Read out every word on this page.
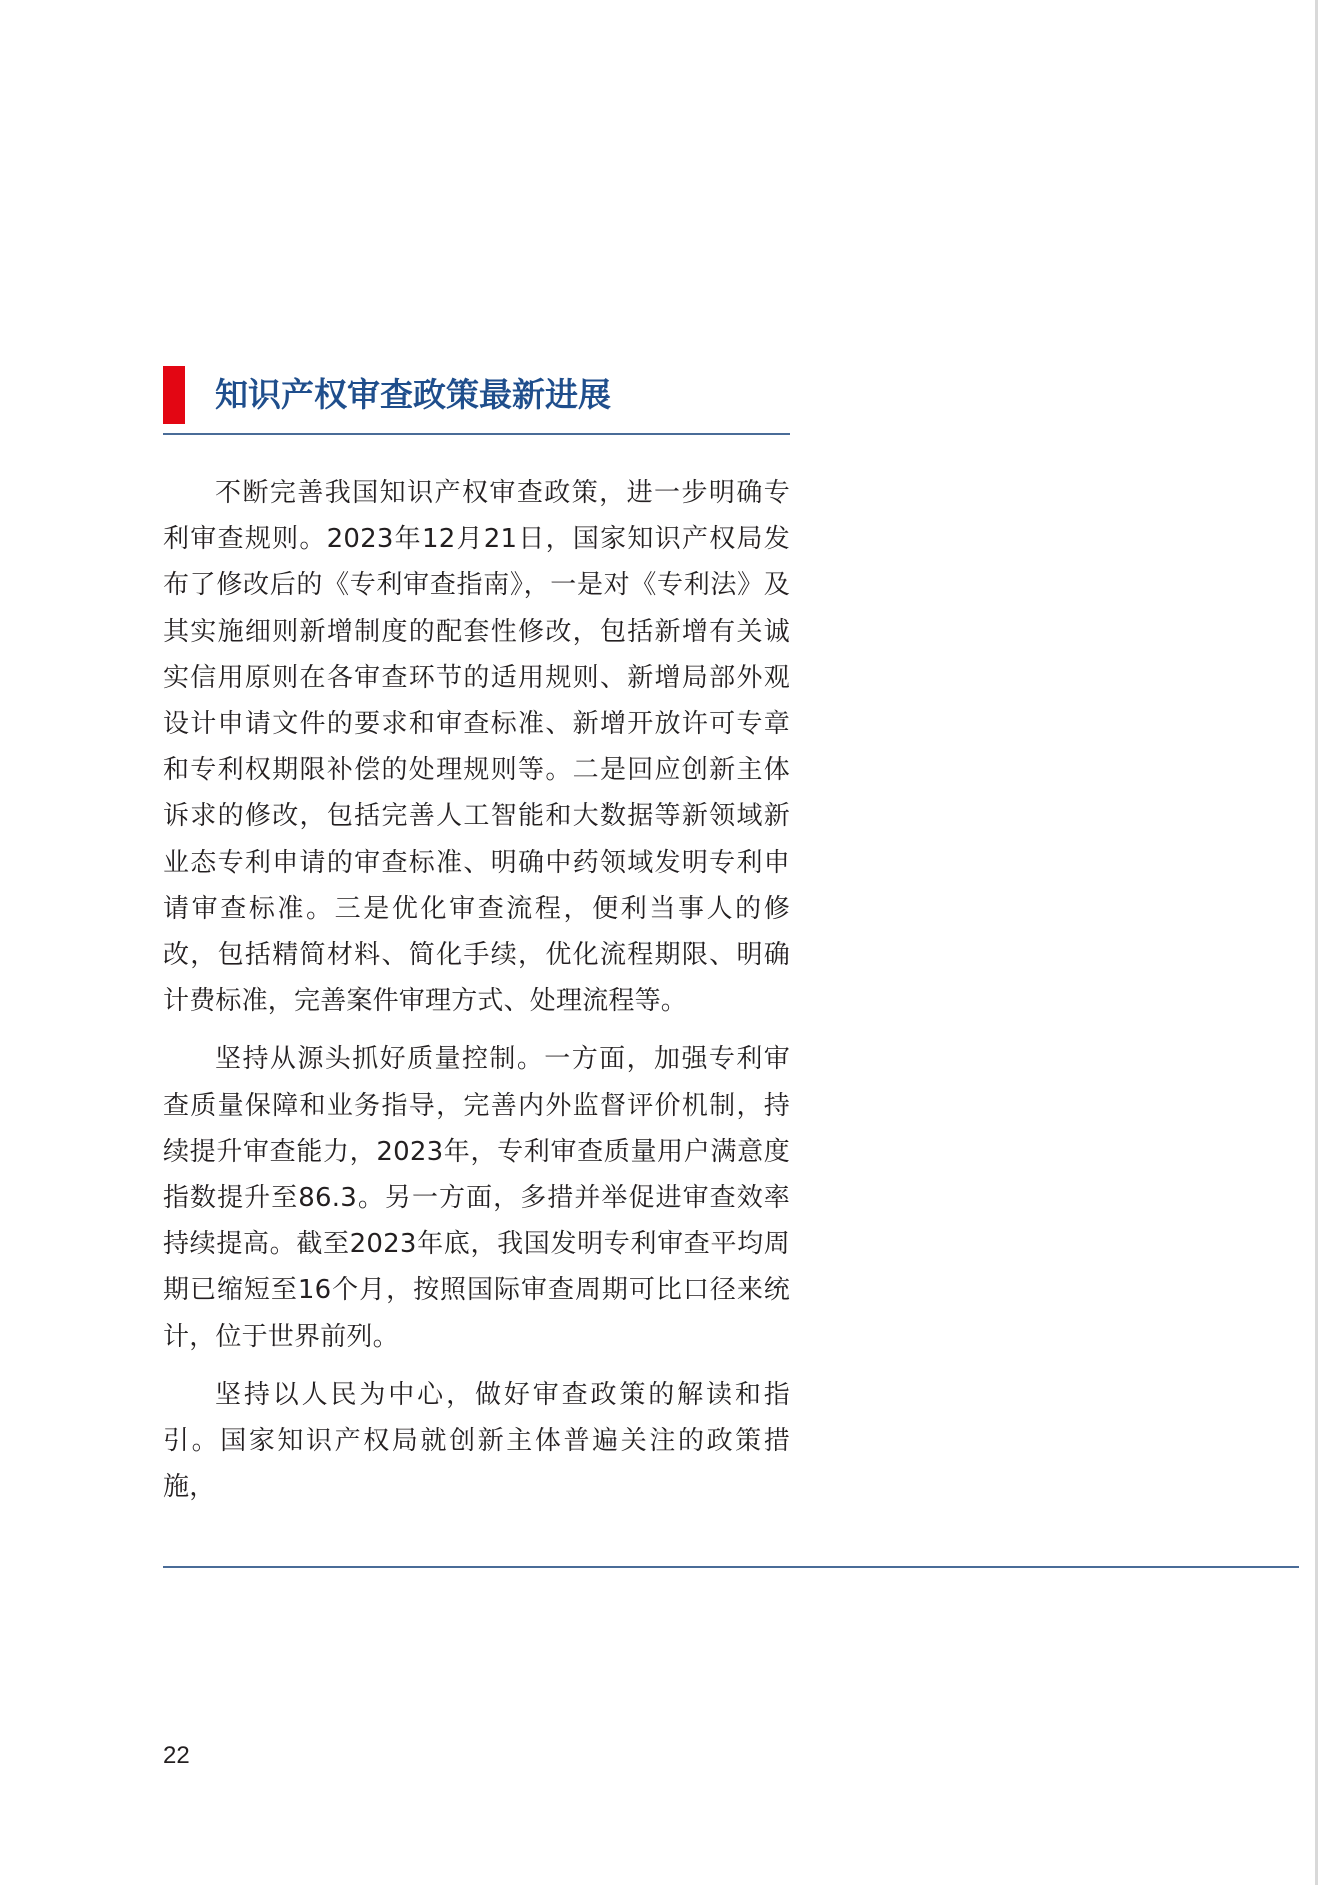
知识产权审查政策最新进展

不断完善我国知识产权审查政策，进一步明确专利审查规则。2023年12月21日，国家知识产权局发布了修改后的《专利审查指南》，一是对《专利法》及其实施细则新增制度的配套性修改，包括新增有关诚实信用原则在各审查环节的适用规则、新增局部外观设计申请文件的要求和审查标准、新增开放许可专章和专利权期限补偿的处理规则等。二是回应创新主体诉求的修改，包括完善人工智能和大数据等新领域新业态专利申请的审查标准、明确中药领域发明专利申请审查标准。三是优化审查流程，便利当事人的修改，包括精简材料、简化手续，优化流程期限、明确计费标准，完善案件审理方式、处理流程等。

坚持从源头抓好质量控制。一方面，加强专利审查质量保障和业务指导，完善内外监督评价机制，持续提升审查能力，2023年，专利审查质量用户满意度指数提升至86.3。另一方面，多措并举促进审查效率持续提高。截至2023年底，我国发明专利审查平均周期已缩短至16个月，按照国际审查周期可比口径来统计，位于世界前列。

坚持以人民为中心，做好审查政策的解读和指引。国家知识产权局就创新主体普遍关注的政策措施，

22
